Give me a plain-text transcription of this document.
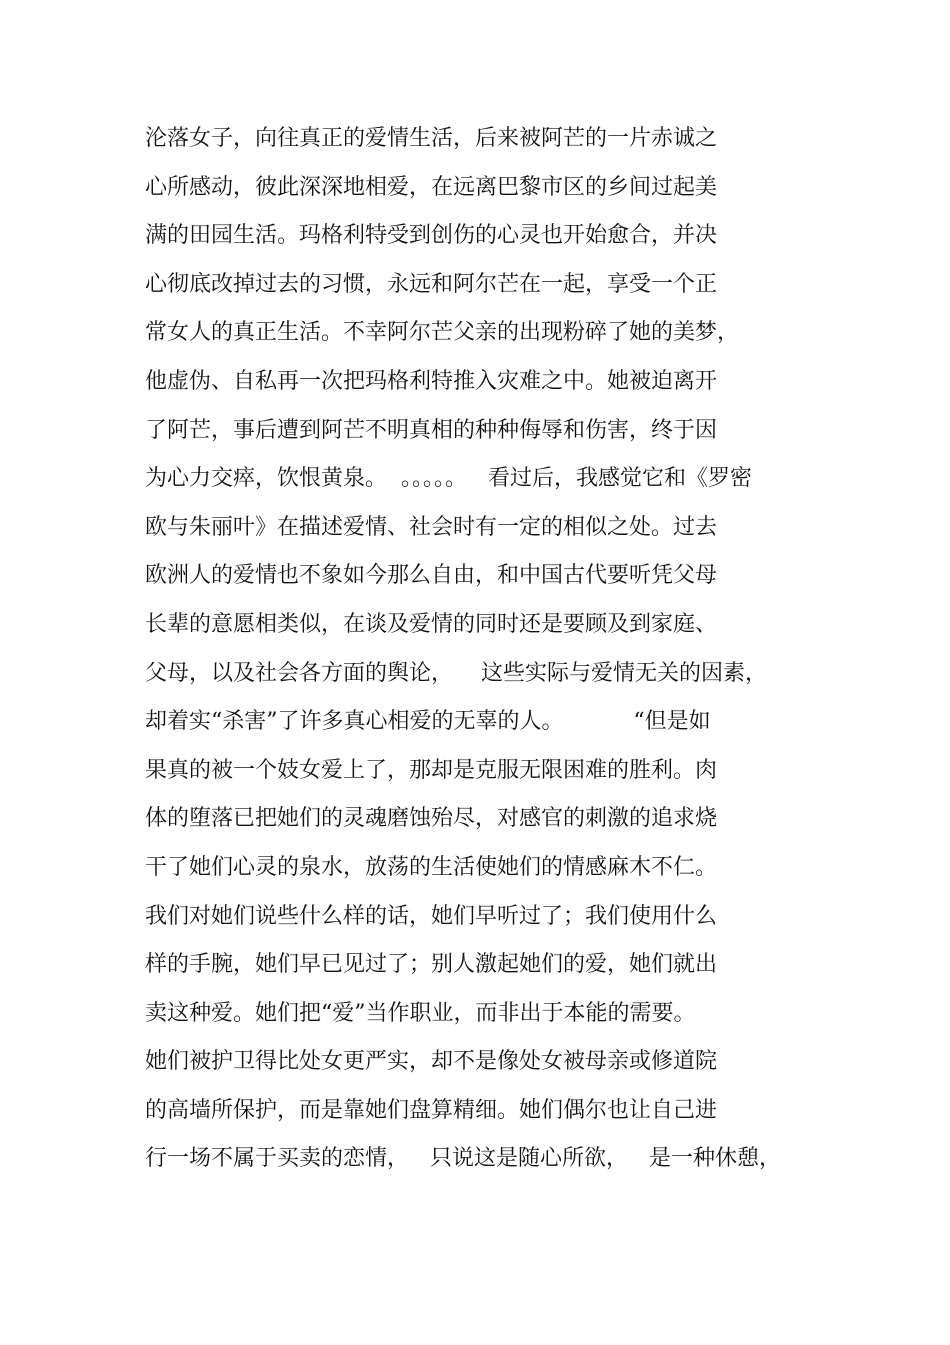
沦落女子，向往真正的爱情生活，后来被阿芒的一片赤诚之
心所感动，彼此深深地相爱，在远离巴黎市区的乡间过起美
满的田园生活。玛格利特受到创伤的心灵也开始愈合，并决
心彻底改掉过去的习惯，永远和阿尔芒在一起，享受一个正
常女人的真正生活。不幸阿尔芒父亲的出现粉碎了她的美梦，
他虚伪、自私再一次把玛格利特推入灾难之中。她被迫离开
了阿芒，事后遭到阿芒不明真相的种种侮辱和伤害，终于因
为心力交瘁，饮恨黄泉。  。。。。。   看过后，我感觉它和《罗密
欧与朱丽叶》在描述爱情、社会时有一定的相似之处。过去
欧洲人的爱情也不象如今那么自由，和中国古代要听凭父母
长辈的意愿相类似，在谈及爱情的同时还是要顾及到家庭、
父母，以及社会各方面的舆论，    这些实际与爱情无关的因素，
却着实“杀害”了许多真心相爱的无辜的人。          “但是如
果真的被一个妓女爱上了，那却是克服无限困难的胜利。肉
体的堕落已把她们的灵魂磨蚀殆尽，对感官的刺激的追求烧
干了她们心灵的泉水，放荡的生活使她们的情感麻木不仁。
我们对她们说些什么样的话，她们早听过了；我们使用什么
样的手腕，她们早已见过了；别人激起她们的爱，她们就出
卖这种爱。她们把“爱”当作职业，而非出于本能的需要。
她们被护卫得比处女更严实，却不是像处女被母亲或修道院
的高墙所保护，而是靠她们盘算精细。她们偶尔也让自己进
行一场不属于买卖的恋情，   只说这是随心所欲，   是一种休憩，
